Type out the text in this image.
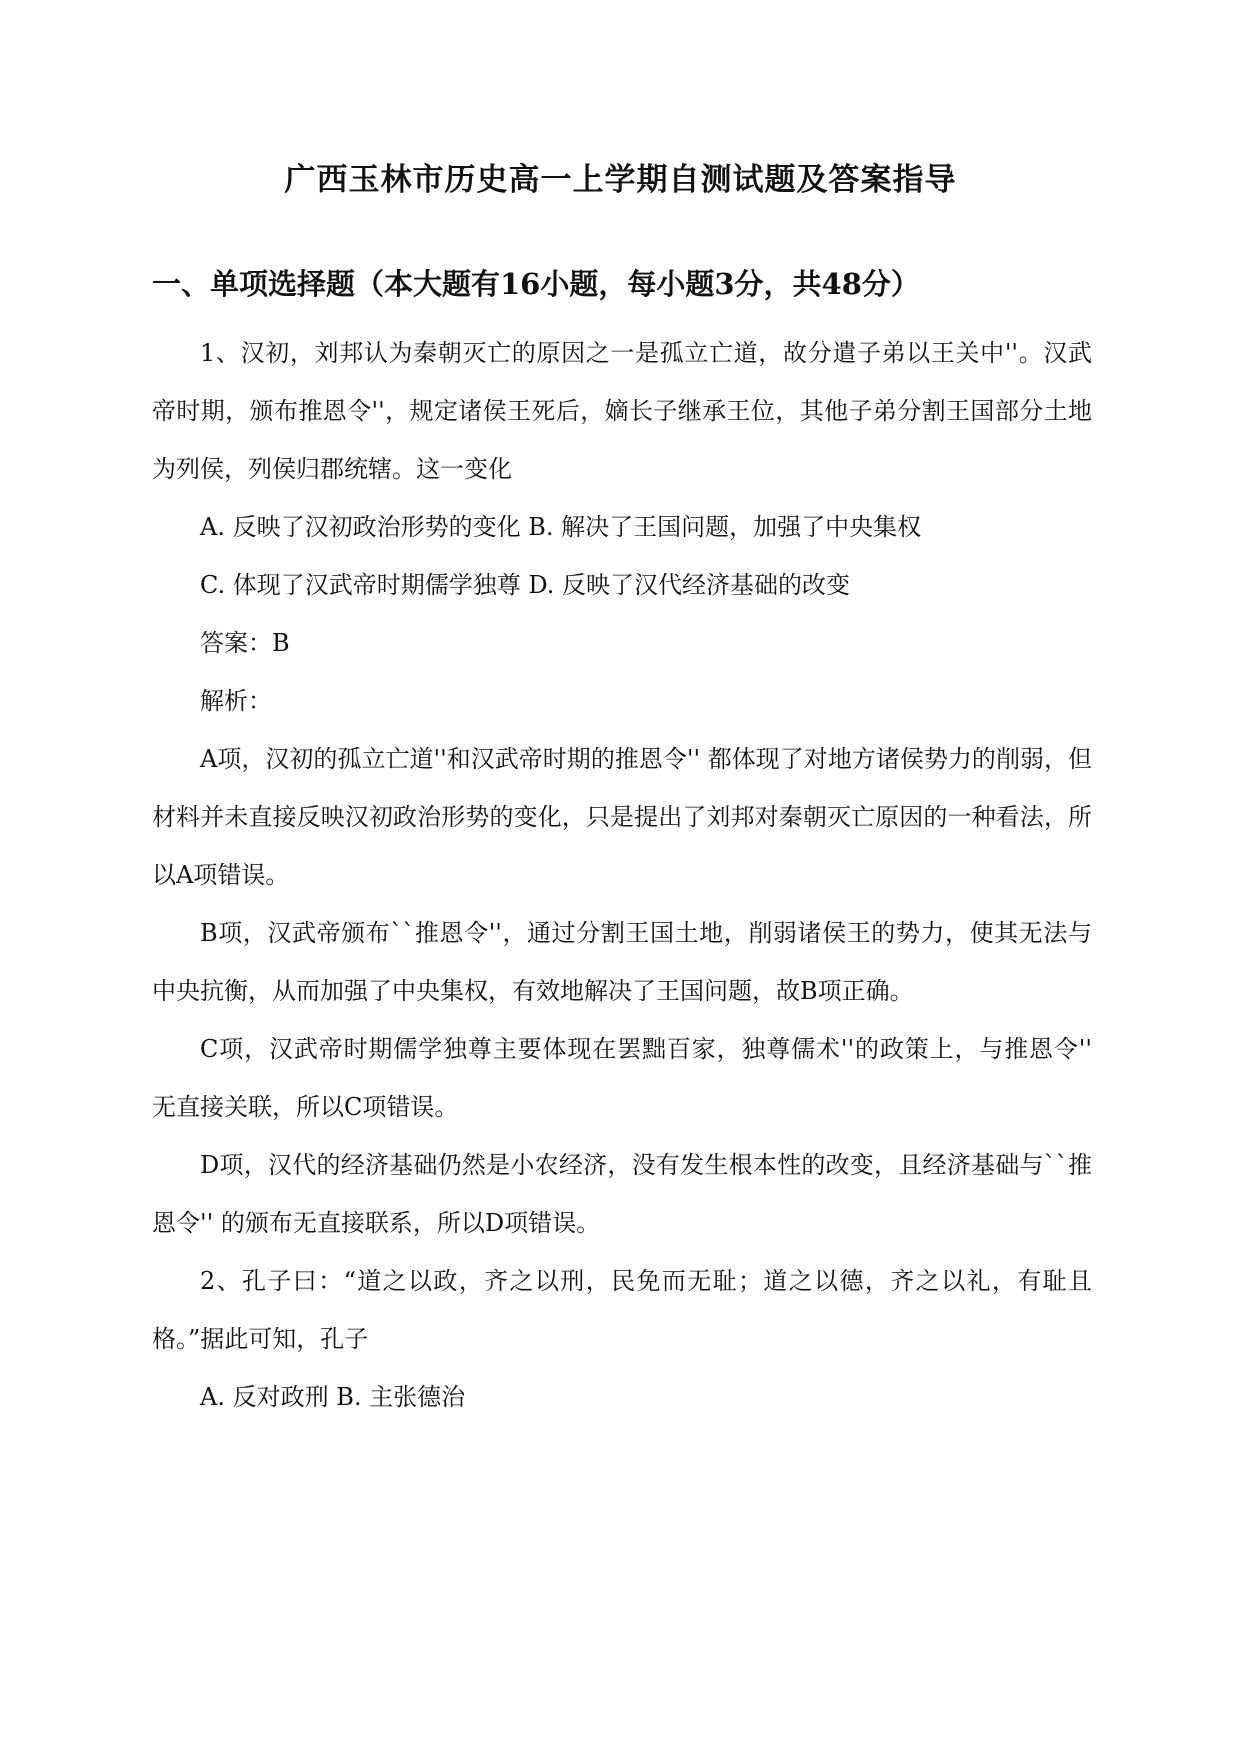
广西玉林市历史高一上学期自测试题及答案指导
一、单项选择题（本大题有16小题，每小题3分，共48分）

1、汉初，刘邦认为秦朝灭亡的原因之一是孤立亡道，故分遣子弟以王关中''。汉武帝时期，颁布推恩令''，规定诸侯王死后，嫡长子继承王位，其他子弟分割王国部分土地为列侯，列侯归郡统辖。这一变化

A. 反映了汉初政治形势的变化 B. 解决了王国问题，加强了中央集权

C. 体现了汉武帝时期儒学独尊 D. 反映了汉代经济基础的改变

答案：B

解析：

A项，汉初的孤立亡道''和汉武帝时期的推恩令'' 都体现了对地方诸侯势力的削弱，但材料并未直接反映汉初政治形势的变化，只是提出了刘邦对秦朝灭亡原因的一种看法，所以A项错误。

B项，汉武帝颁布``推恩令''，通过分割王国土地，削弱诸侯王的势力，使其无法与中央抗衡，从而加强了中央集权，有效地解决了王国问题，故B项正确。

C项，汉武帝时期儒学独尊主要体现在罢黜百家，独尊儒术''的政策上，与推恩令'' 无直接关联，所以C项错误。

D项，汉代的经济基础仍然是小农经济，没有发生根本性的改变，且经济基础与``推恩令'' 的颁布无直接联系，所以D项错误。

2、孔子曰：“道之以政，齐之以刑，民免而无耻；道之以德，齐之以礼，有耻且格。”据此可知，孔子

A. 反对政刑 B. 主张德治
